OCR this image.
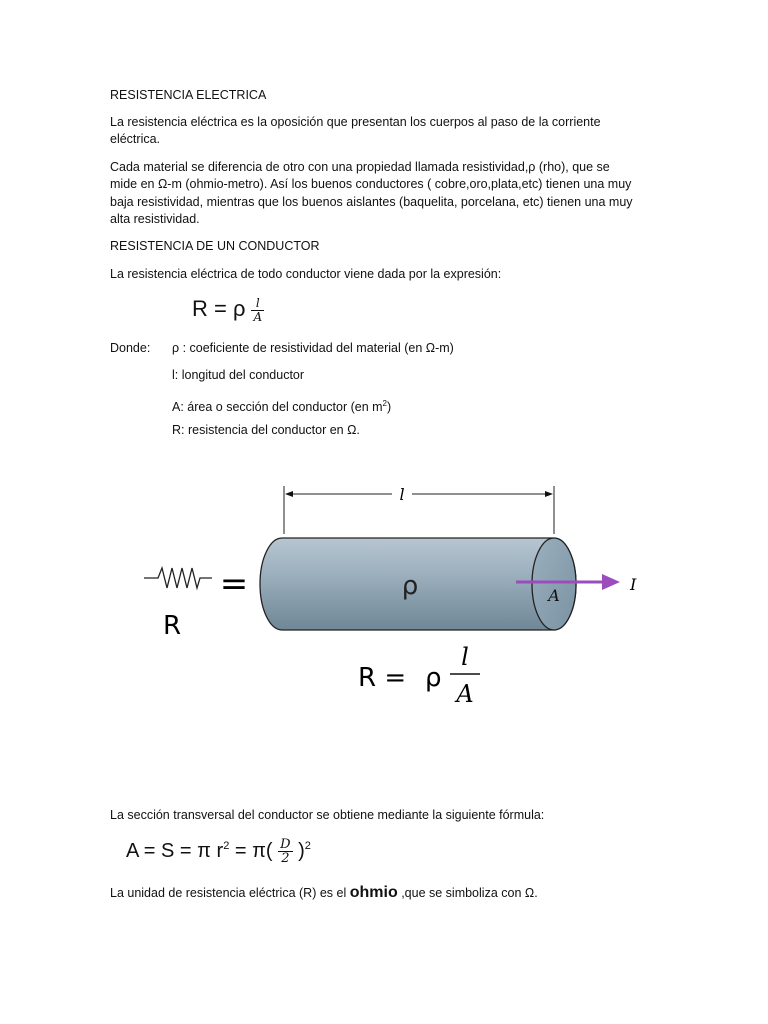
RESISTENCIA ELECTRICA
La resistencia eléctrica es la oposición que presentan los cuerpos al paso de la corriente
eléctrica.
Cada material se diferencia de otro con una propiedad llamada resistividad,ρ (rho), que se
mide en Ω-m (ohmio-metro). Así los buenos conductores ( cobre,oro,plata,etc) tienen una muy
baja resistividad, mientras que los buenos aislantes (baquelita, porcelana, etc) tienen una muy
alta resistividad.
RESISTENCIA DE UN CONDUCTOR
La resistencia eléctrica de todo conductor viene dada por la expresión:
R = ρ $\frac{l}{A}$
Donde: ρ : coeficiente de resistividad del material (en Ω-m)
l: longitud del conductor
A: área o sección del conductor (en $m^2$)
R: resistencia del conductor en Ω.
l
R
=	ρ	A
I
R = ρ
l
A
La sección transversal del conductor se obtiene mediante la siguiente fórmula:
A = S = π $r^2 = \pi( \frac{D}{2} )^2$
La unidad de resistencia eléctrica (R) es el ohmio ,que se simboliza con Ω.
